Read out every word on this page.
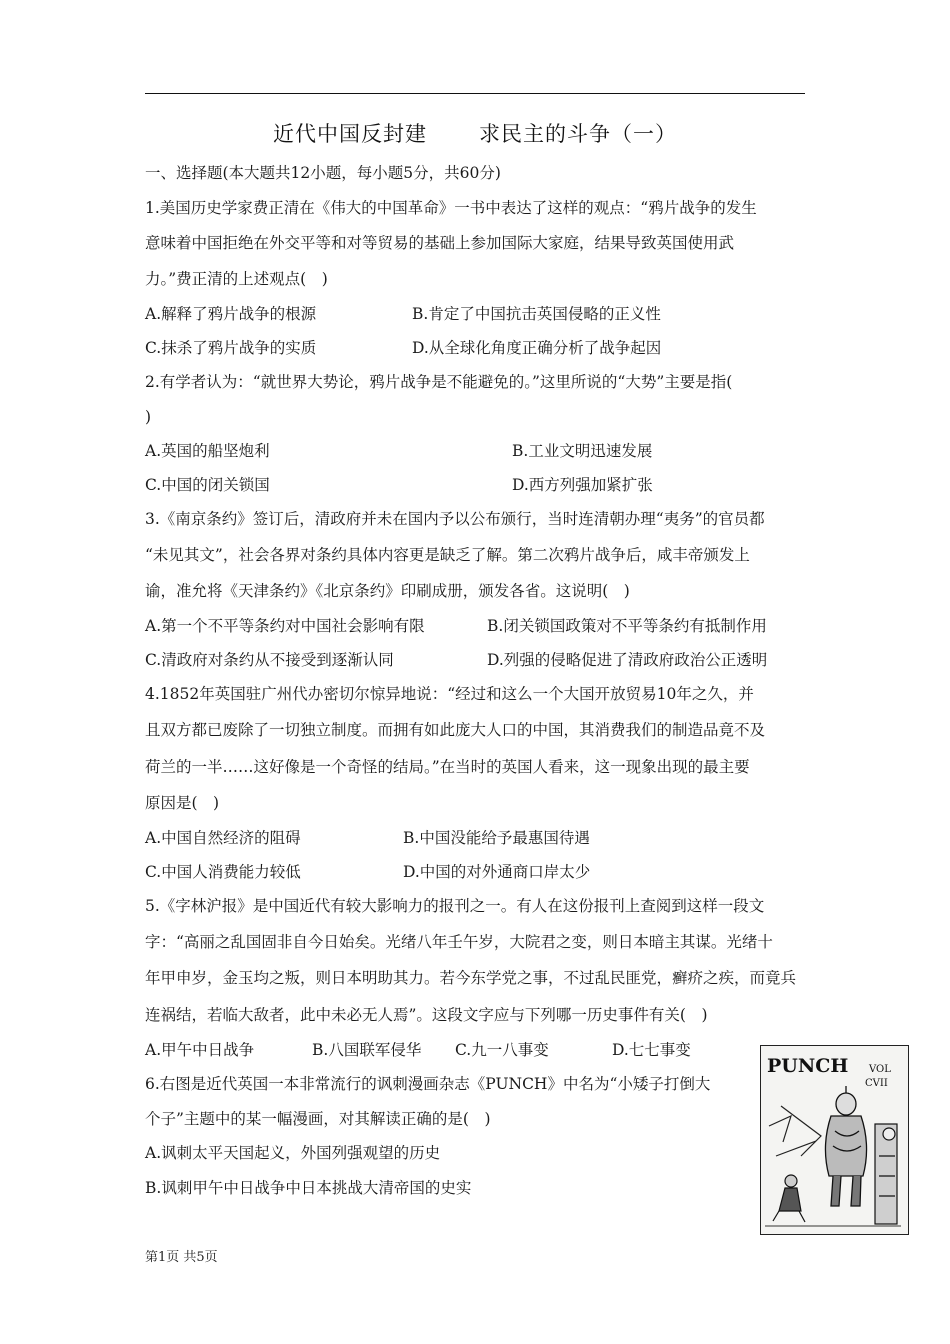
近代中国反封建 求民主的斗争（一）
一、选择题(本大题共12小题，每小题5分，共60分)
1.美国历史学家费正清在《伟大的中国革命》一书中表达了这样的观点：“鸦片战争的发生
意味着中国拒绝在外交平等和对等贸易的基础上参加国际大家庭，结果导致英国使用武
力。”费正清的上述观点(　)
A.解释了鸦片战争的根源	B.肯定了中国抗击英国侵略的正义性
C.抹杀了鸦片战争的实质	D.从全球化角度正确分析了战争起因
2.有学者认为：“就世界大势论，鸦片战争是不能避免的。”这里所说的“大势”主要是指(
)
A.英国的船坚炮利	B.工业文明迅速发展
C.中国的闭关锁国	D.西方列强加紧扩张
3.《南京条约》签订后，清政府并未在国内予以公布颁行，当时连清朝办理“夷务”的官员都
“未见其文”，社会各界对条约具体内容更是缺乏了解。第二次鸦片战争后，咸丰帝颁发上
谕，准允将《天津条约》《北京条约》印刷成册，颁发各省。这说明(　)
A.第一个不平等条约对中国社会影响有限	B.闭关锁国政策对不平等条约有抵制作用
C.清政府对条约从不接受到逐渐认同	D.列强的侵略促进了清政府政治公正透明
4.1852年英国驻广州代办密切尔惊异地说：“经过和这么一个大国开放贸易10年之久，并
且双方都已废除了一切独立制度。而拥有如此庞大人口的中国，其消费我们的制造品竟不及
荷兰的一半……这好像是一个奇怪的结局。”在当时的英国人看来，这一现象出现的最主要
原因是(　)
A.中国自然经济的阻碍	B.中国没能给予最惠国待遇
C.中国人消费能力较低	D.中国的对外通商口岸太少
5.《字林沪报》是中国近代有较大影响力的报刊之一。有人在这份报刊上查阅到这样一段文
字：“高丽之乱国固非自今日始矣。光绪八年壬午岁，大院君之变，则日本暗主其谋。光绪十
年甲申岁，金玉均之叛，则日本明助其力。若今东学党之事，不过乱民匪党，癣疥之疾，而竟兵
连祸结，若临大敌者，此中未必无人焉”。这段文字应与下列哪一历史事件有关(　)
A.甲午中日战争	B.八国联军侵华 C.九一八事变	D.七七事变
6.右图是近代英国一本非常流行的讽刺漫画杂志《PUNCH》中名为“小矮子打倒大
个子”主题中的某一幅漫画，对其解读正确的是(　)
A.讽刺太平天国起义，外国列强观望的历史
B.讽刺甲午中日战争中日本挑战大清帝国的史实
PUNCH VOL
CVII
第1页 共5页
